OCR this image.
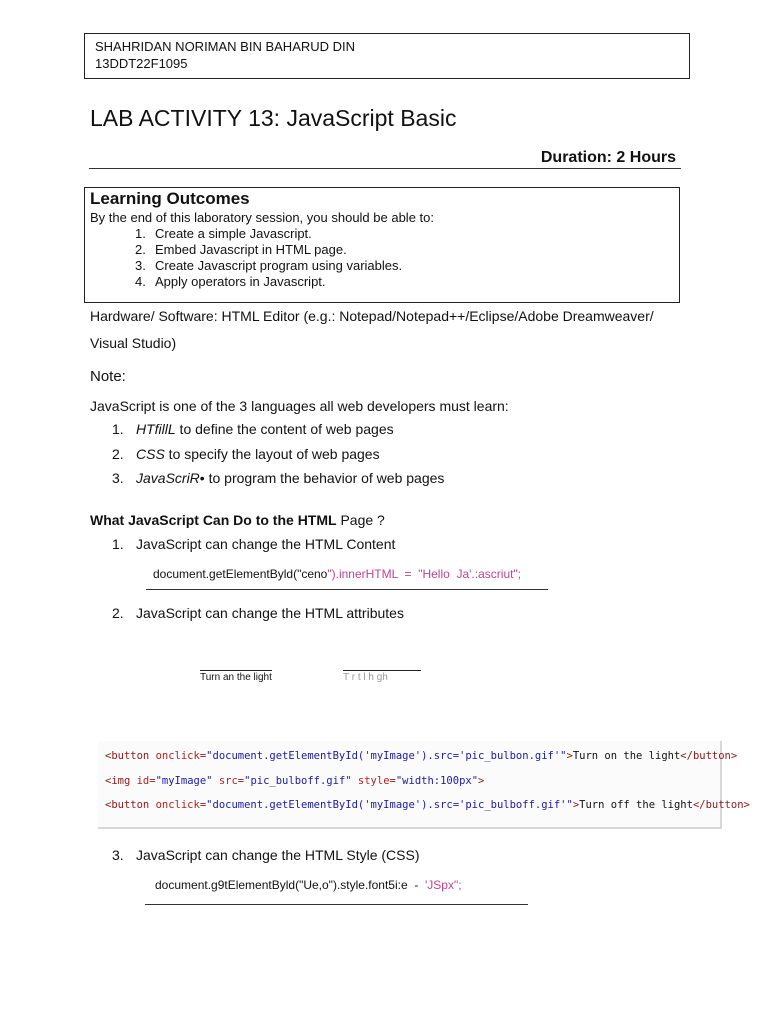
SHAHRIDAN NORIMAN BIN BAHARUD DIN
13DDT22F1095
LAB ACTIVITY 13: JavaScript Basic
Duration: 2 Hours
Learning Outcomes
By the end of this laboratory session, you should be able to:
1. Create a simple Javascript.
2. Embed Javascript in HTML page.
3. Create Javascript program using variables.
4. Apply operators in Javascript.
Hardware/ Software: HTML Editor (e.g.: Notepad/Notepad++/Eclipse/Adobe Dreamweaver/ Visual Studio)
Note:
JavaScript is one of the 3 languages all web developers must learn:
1. HTfillL to define the content of web pages
2. CSS to specify the layout of web pages
3. JavaScriR• to program the behavior of web pages
What JavaScript Can Do to the HTML Page ?
1. JavaScript can change the HTML Content
document.getElementByld("ceno").innerHTML  =  "Hello  Ja'.:ascriut";
2. JavaScript can change the HTML attributes
Turn an the light	T r t l h gh
<button onclick="document.getElementById('myImage').src='pic_bulbon.gif'">Turn on the light</button>
<img id="myImage" src="pic_bulboff.gif" style="width:100px">
<button onclick="document.getElementById('myImage').src='pic_bulboff.gif'">Turn off the light</button>
3. JavaScript can change the HTML Style (CSS)
document.g9tElementByld("Ue,o").style.font5i:e  -  'JSpx";
